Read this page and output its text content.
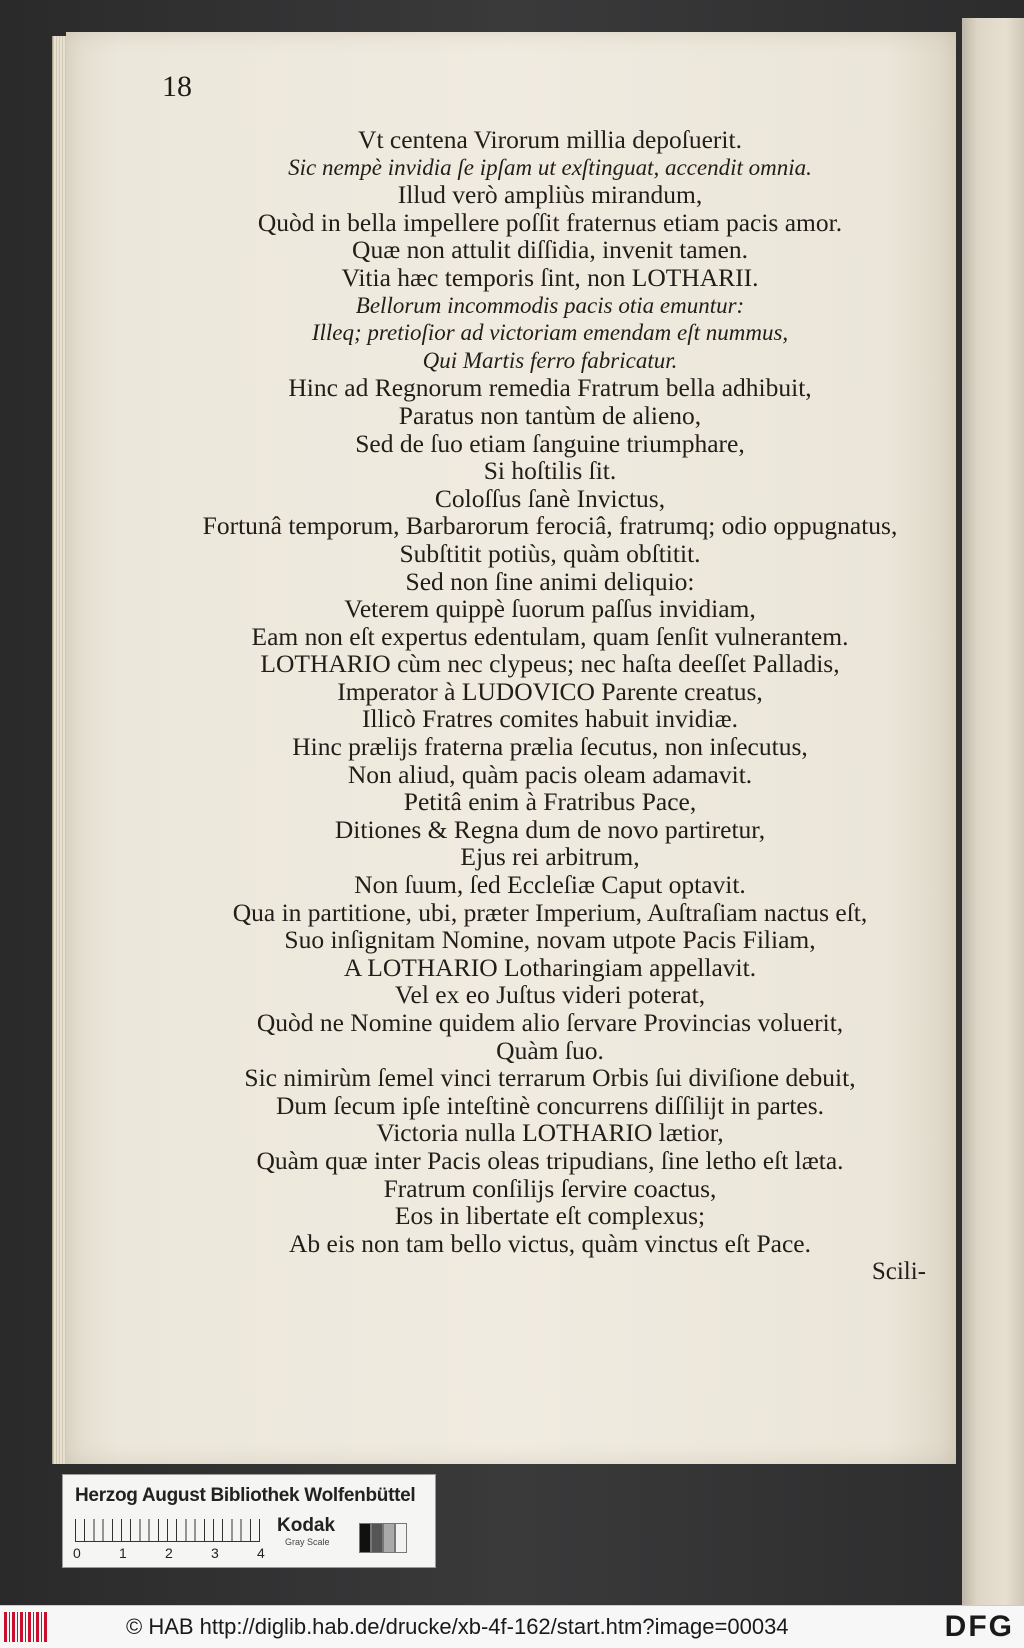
18
Vt centena Virorum millia depoſuerit.
Sic nempè invidia ſe ipſam ut exſtinguat, accendit omnia.
Illud verò ampliùs mirandum,
Quòd in bella impellere poſſit fraternus etiam pacis amor.
Quæ non attulit diſſidia, invenit tamen.
Vitia hæc temporis ſint, non LOTHARII.
Bellorum incommodis pacis otia emuntur:
Illeq; pretioſior ad victoriam emendam eſt nummus,
Qui Martis ferro fabricatur.
Hinc ad Regnorum remedia Fratrum bella adhibuit,
Paratus non tantùm de alieno,
Sed de ſuo etiam ſanguine triumphare,
Si hoſtilis ſit.
Coloſſus ſanè Invictus,
Fortunâ temporum, Barbarorum ferociâ, fratrumq; odio oppugnatus,
Subſtitit potiùs, quàm obſtitit.
Sed non ſine animi deliquio:
Veterem quippè ſuorum paſſus invidiam,
Eam non eſt expertus edentulam, quam ſenſit vulnerantem.
LOTHARIO cùm nec clypeus; nec haſta deeſſet Palladis,
Imperator à LUDOVICO Parente creatus,
Illicò Fratres comites habuit invidiæ.
Hinc prælijs fraterna prælia ſecutus, non inſecutus,
Non aliud, quàm pacis oleam adamavit.
Petitâ enim à Fratribus Pace,
Ditiones & Regna dum de novo partiretur,
Ejus rei arbitrum,
Non ſuum, ſed Eccleſiæ Caput optavit.
Qua in partitione, ubi, præter Imperium, Auſtraſiam nactus eſt,
Suo inſignitam Nomine, novam utpote Pacis Filiam,
A LOTHARIO Lotharingiam appellavit.
Vel ex eo Juſtus videri poterat,
Quòd ne Nomine quidem alio ſervare Provincias voluerit,
Quàm ſuo.
Sic nimirùm ſemel vinci terrarum Orbis ſui diviſione debuit,
Dum ſecum ipſe inteſtinè concurrens diſſilijt in partes.
Victoria nulla LOTHARIO lætior,
Quàm quæ inter Pacis oleas tripudians, ſine letho eſt læta.
Fratrum conſilijs ſervire coactus,
Eos in libertate eſt complexus;
Ab eis non tam bello victus, quàm vinctus eſt Pace.
Scili-
Herzog August Bibliothek Wolfenbüttel
0	1	2	3	4
Kodak
Gray Scale
© HAB http://diglib.hab.de/drucke/xb-4f-162/start.htm?image=00034	DFG
